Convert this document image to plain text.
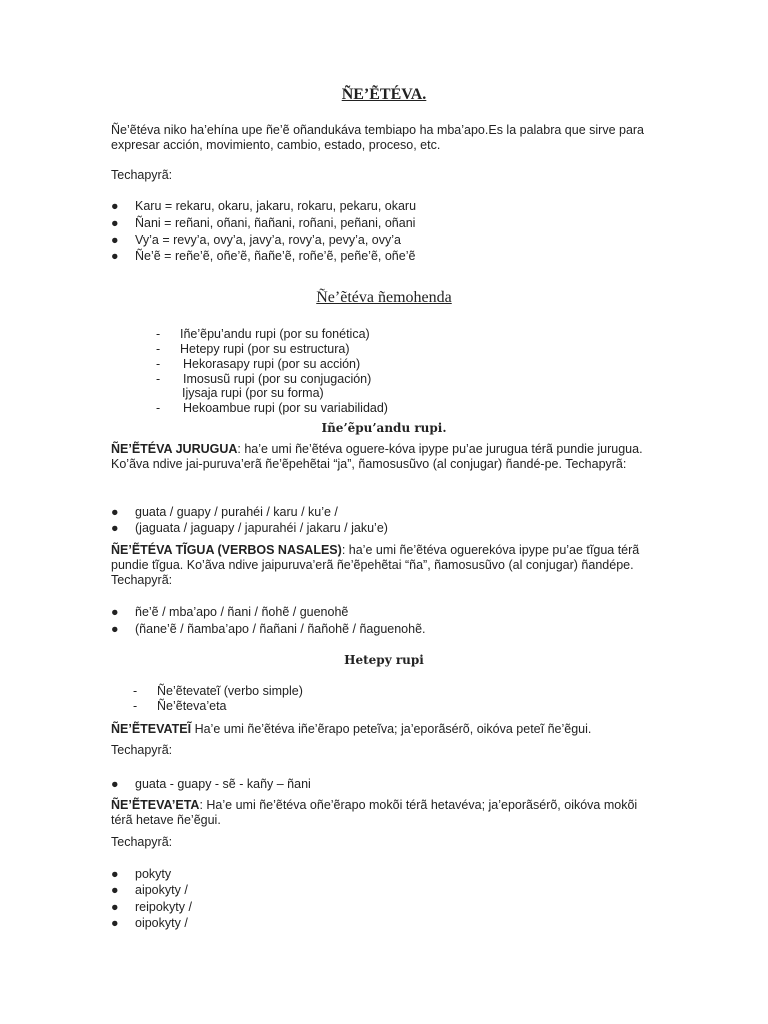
ÑE’ẼTÉVA.

Ñe’ẽtéva niko ha’ehína upe ñe’ẽ oñandukáva tembiapo ha mba’apo.Es la palabra que sirve para expresar acción, movimiento, cambio, estado, proceso, etc.

Techapyrã:

● Karu = rekaru, okaru, jakaru, rokaru, pekaru, okaru
● Ñani = reñani, oñani, ñañani, roñani, peñani, oñani
● Vy’a = revy’a, ovy’a, javy’a, rovy’a, pevy’a, ovy’a
● Ñe’ẽ = reñe’ẽ, oñe’ẽ, ñañe’ẽ, roñe’ẽ, peñe’ẽ, oñe’ẽ
Ñe’ẽtéva ñemohenda
- Iñe’ẽpu’andu rupi (por su fonética)
- Hetepy rupi (por su estructura)
- Hekorasapy rupi (por su acción)
- Imosusũ rupi (por su conjugación)
Ijysaja rupi (por su forma)
- Hekoambue rupi (por su variabilidad)
Iñe’ẽpu’andu rupi.

ÑE’ẼTÉVA JURUGUA: ha’e umi ñe’ẽtéva oguere-kóva ipype pu’ae jurugua térã pundie jurugua. Ko’ãva ndive jai-puruva’erã ñe’ẽpehẽtai “ja”, ñamosusũvo (al conjugar) ñandé-pe. Techapyrã:

● guata / guapy / purahéi / karu / ku’e /
● (jaguata / jaguapy / japurahéi / jakaru / jaku’e)

ÑE’ẼTÉVA TĨGUA (VERBOS NASALES): ha’e umi ñe’ẽtéva oguerekóva ipype pu’ae tĩgua térã pundie tĩgua. Ko’ãva ndive jaipuruva’erã ñe’ẽpehẽtai “ña”, ñamosusũvo (al conjugar) ñandépe. Techapyrã:

● ñe’ẽ / mba’apo / ñani / ñohẽ / guenohẽ
● (ñane’ẽ / ñamba’apo / ñañani / ñañohẽ / ñaguenohẽ.
Hetepy rupi
- Ñe’ẽtevateĩ (verbo simple)
- Ñe’ẽteva’eta

ÑE’ẼTEVATEĨ Ha’e umi ñe’ẽtéva iñe’ẽrapo peteĩva; ja’eporãsérõ, oikóva peteĩ ñe’ẽgui.

Techapyrã:

● guata - guapy - sẽ - kañy – ñani

ÑE’ẼTEVA’ETA: Ha’e umi ñe’ẽtéva oñe’ẽrapo mokõi térã hetavéva; ja’eporãsérõ, oikóva mokõi térã hetave ñe’ẽgui.

Techapyrã:

● pokyty
● aipokyty /
● reipokyty /
● oipokyty /
